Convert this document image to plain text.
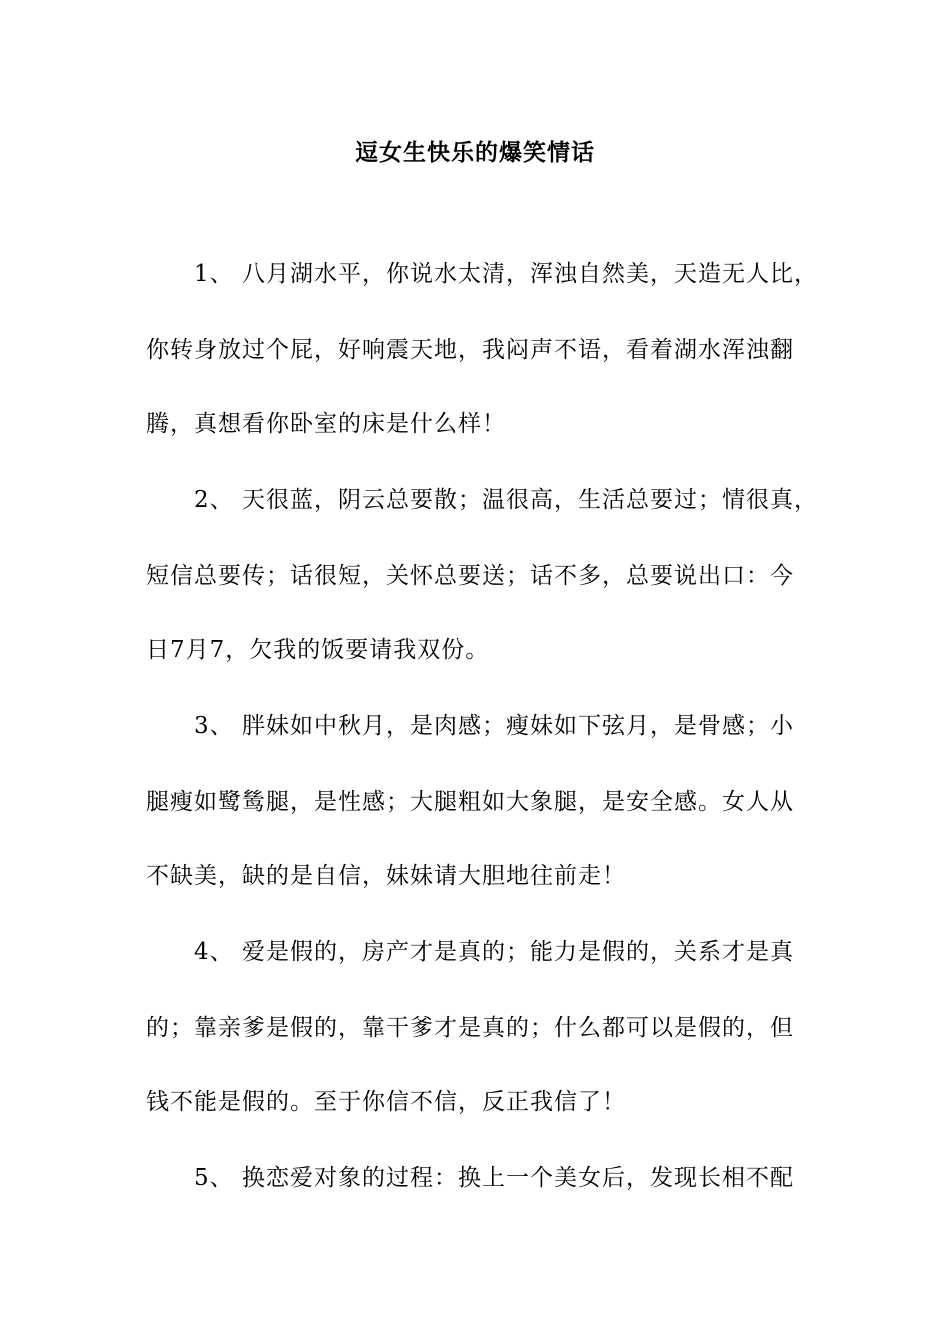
逗女生快乐的爆笑情话
　　1、 八月湖水平，你说水太清，浑浊自然美，天造无人比，
你转身放过个屁，好响震天地，我闷声不语，看着湖水浑浊翻
腾，真想看你卧室的床是什么样！
　　2、 天很蓝，阴云总要散；温很高，生活总要过；情很真，
短信总要传；话很短，关怀总要送；话不多，总要说出口：今
日7月7，欠我的饭要请我双份。
　　3、 胖妹如中秋月，是肉感；瘦妹如下弦月，是骨感；小
腿瘦如鹭鸶腿，是性感；大腿粗如大象腿，是安全感。女人从
不缺美，缺的是自信，妹妹请大胆地往前走！
　　4、 爱是假的，房产才是真的；能力是假的，关系才是真
的；靠亲爹是假的，靠干爹才是真的；什么都可以是假的，但
钱不能是假的。至于你信不信，反正我信了！
　　5、 换恋爱对象的过程：换上一个美女后，发现长相不配
